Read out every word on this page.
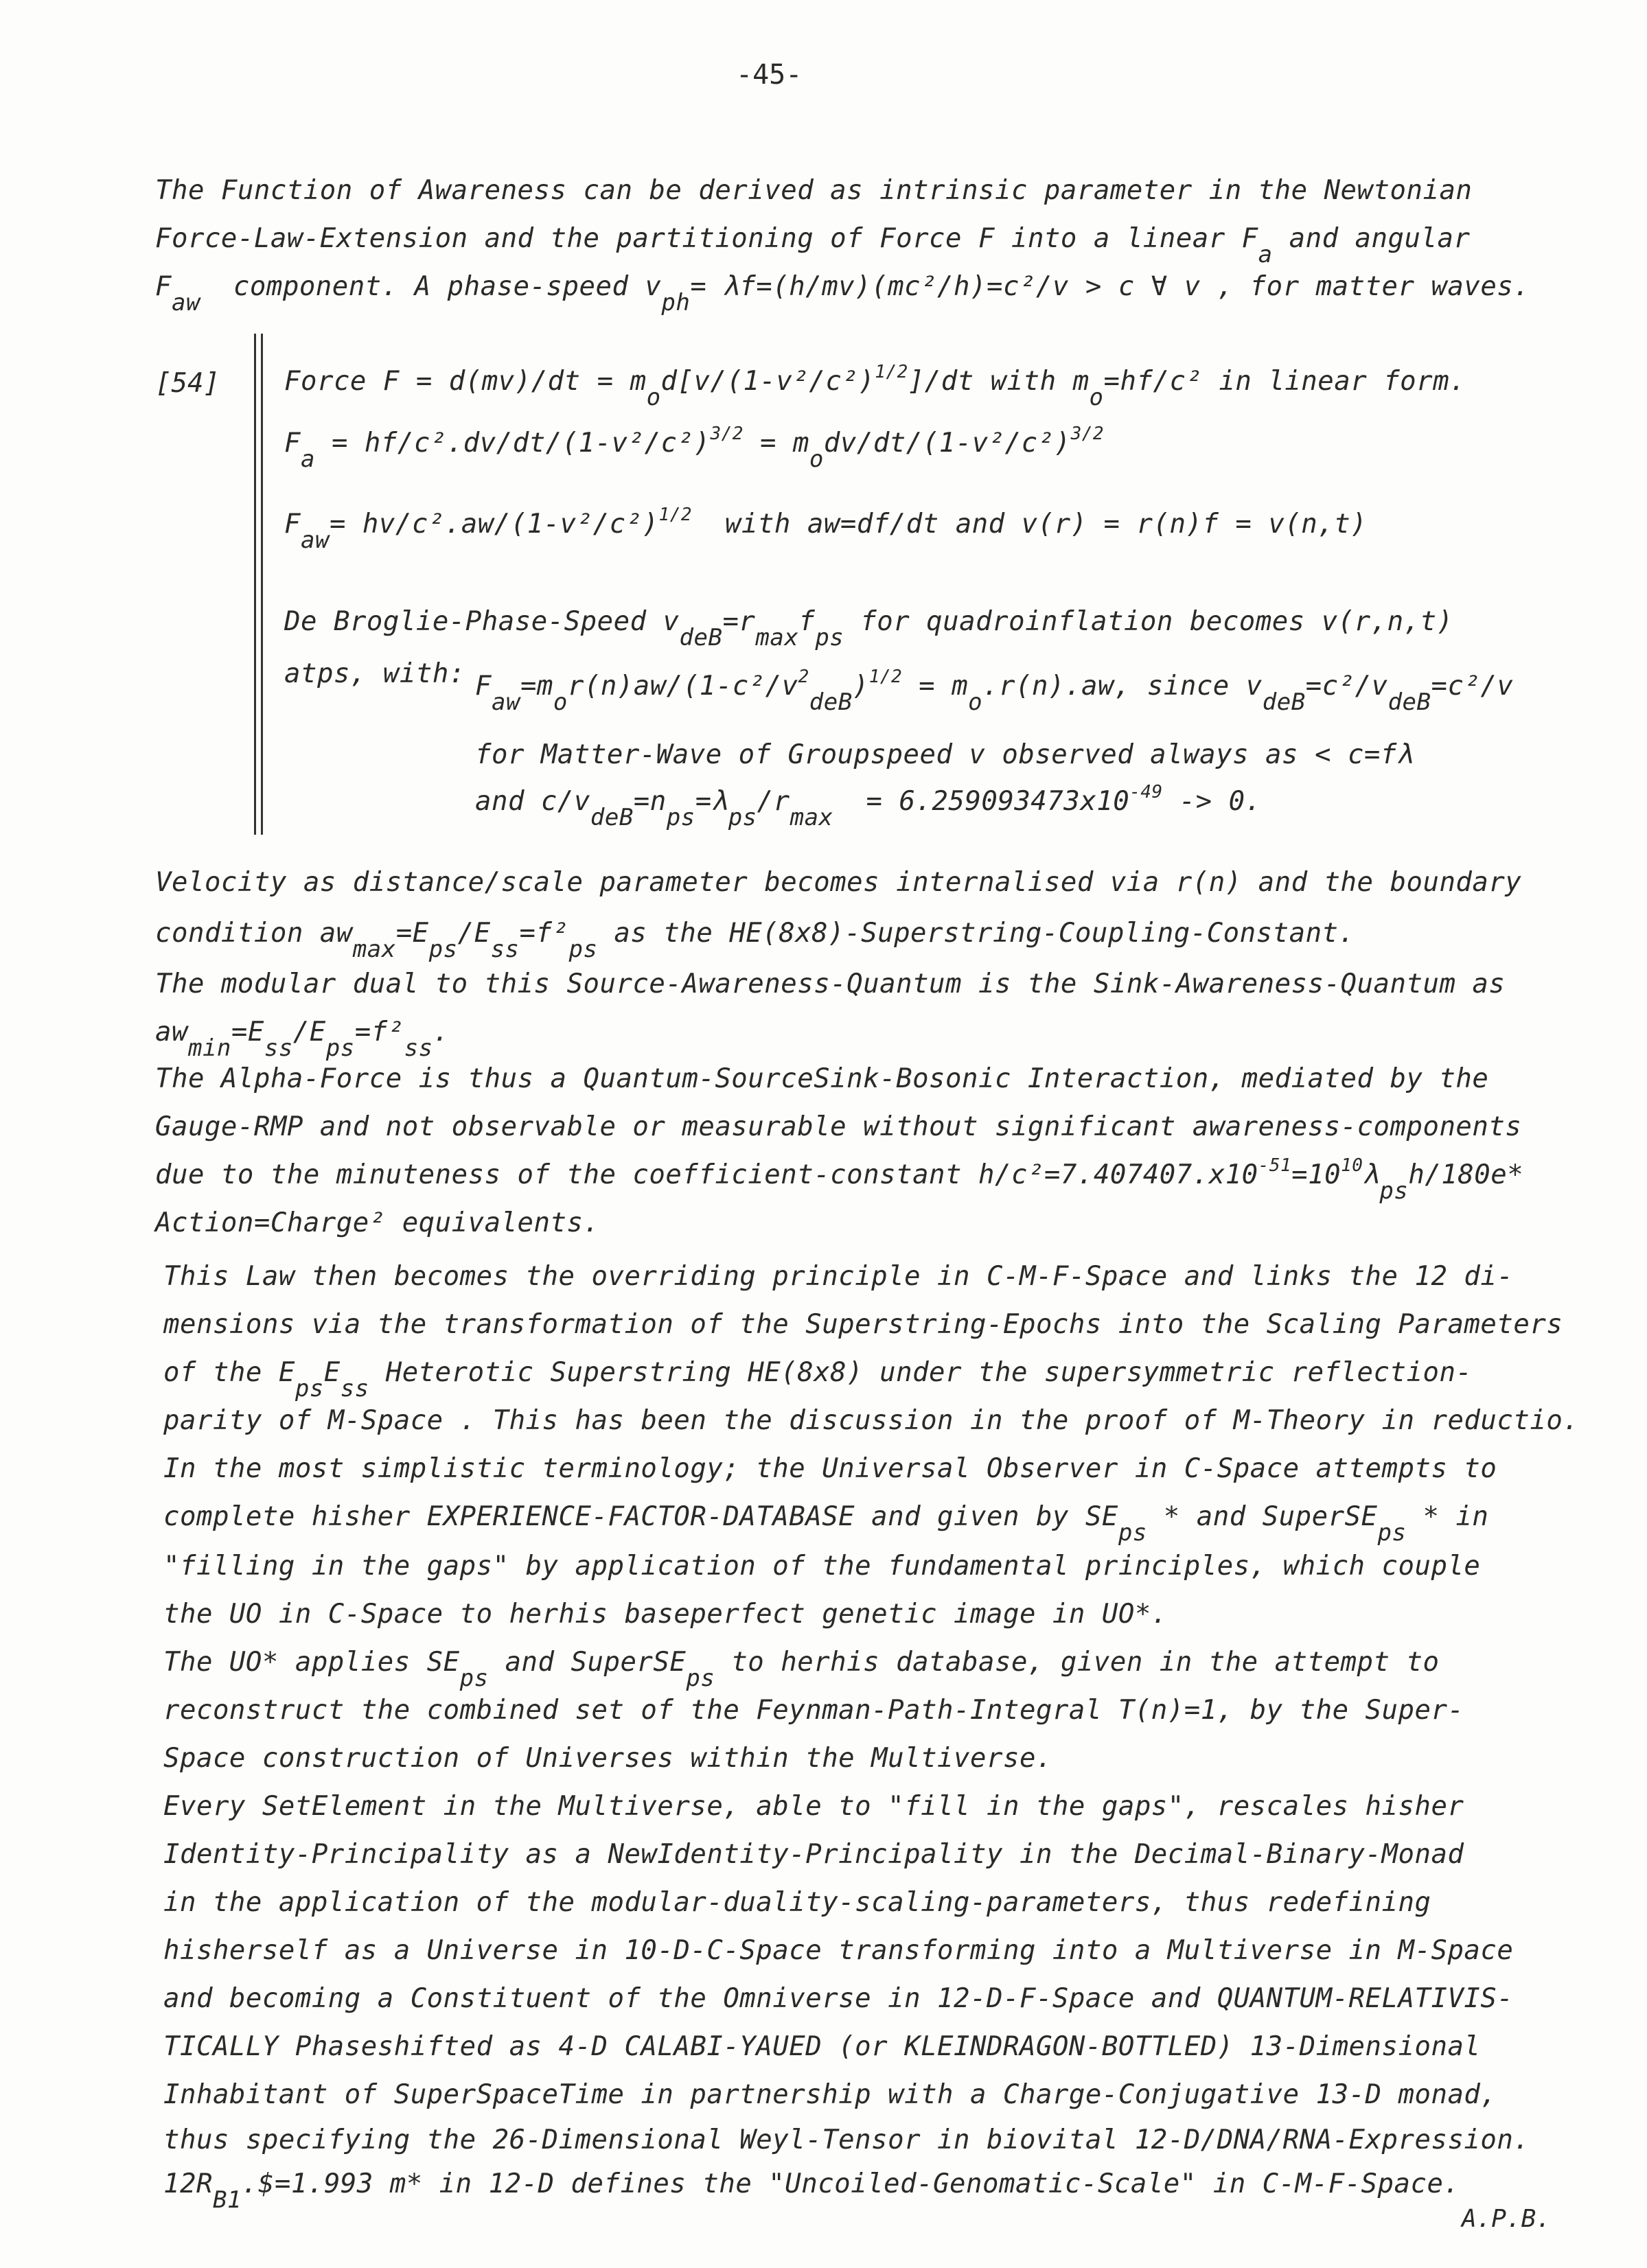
-45-
The Function of Awareness can be derived as intrinsic parameter in the Newtonian
Force-Law-Extension and the partitioning of Force F into a linear Fa and angular
Faw  component. A phase-speed vph= λf=(h/mv)(mc²/h)=c²/v > c ∀ v , for matter waves.
[54] Force $F = d(mv)/dt = mod[v/(1-v^2/c^2)^{1/2}]/dt$ with mo=hf/c² in linear form.
$Fa = hf/c^2.dv/dt/(1-v^2/c^2)^{3/2}$ = modv/$dt/(1-v^2/c^2)^{3/2}$
$Faw= hv/c^2.aw/(1-v^2/c^2)^{1/2}$ with aw=df/dt and v(r) = r(n)f = v(n,t)
De Broglie-Phase-Speed vdeB=rmaxfps for quadroinflation becomes v(r,n,t)
atps, with: $Faw=mor(n)aw/(1-c^2/v^2deB)^{1/2} = mo.r(n).aw$, since vdeB=c²/vdeB=c²/v
for Matter-Wave of Groupspeed v observed always as < c=fλ
and c/vdeB=nps=λps/rmax  = $6.259093473x10^{-49} -> 0$.
Velocity as distance/scale parameter becomes internalised via r(n) and the boundary
condition awmax=Eps/Ess=f²ps as the HE(8x8)-Superstring-Coupling-Constant.
The modular dual to this Source-Awareness-Quantum is the Sink-Awareness-Quantum as
awmin=Ess/Eps=f²ss.
The Alpha-Force is thus a Quantum-SourceSink-Bosonic Interaction, mediated by the
Gauge-RMP and not observable or measurable without significant awareness-components
due to the minuteness of the coefficient-constant $h/c^2=7.407407.x10^{-51}=10^{10}\lambda psh/180e*$
Action=Charge² equivalents.
This Law then becomes the overriding principle in C-M-F-Space and links the 12 di-
mensions via the transformation of the Superstring-Epochs into the Scaling Parameters
of the EpsEss Heterotic Superstring HE(8x8) under the supersymmetric reflection-
parity of M-Space . This has been the discussion in the proof of M-Theory in reductio.
In the most simplistic terminology; the Universal Observer in C-Space attempts to
complete hisher EXPERIENCE-FACTOR-DATABASE and given by SEps * and SuperSEps * in
"filling in the gaps" by application of the fundamental principles, which couple
the UO in C-Space to herhis baseperfect genetic image in UO*.
The UO* applies SEps and SuperSEps to herhis database, given in the attempt to
reconstruct the combined set of the Feynman-Path-Integral T(n)=1, by the Super-
Space construction of Universes within the Multiverse.
Every SetElement in the Multiverse, able to "fill in the gaps", rescales hisher
Identity-Principality as a NewIdentity-Principality in the Decimal-Binary-Monad
in the application of the modular-duality-scaling-parameters, thus redefining
hisherself as a Universe in 10-D-C-Space transforming into a Multiverse in M-Space
and becoming a Constituent of the Omniverse in 12-D-F-Space and QUANTUM-RELATIVIS-
TICALLY Phaseshifted as 4-D CALABI-YAUED (or KLEINDRAGON-BOTTLED) 13-Dimensional
Inhabitant of SuperSpaceTime in partnership with a Charge-Conjugative 13-D monad,
thus specifying the 26-Dimensional Weyl-Tensor in biovital 12-D/DNA/RNA-Expression.
12RB1.$=1.993 m* in 12-D defines the "Uncoiled-Genomatic-Scale" in C-M-F-Space.
A.P.B.
